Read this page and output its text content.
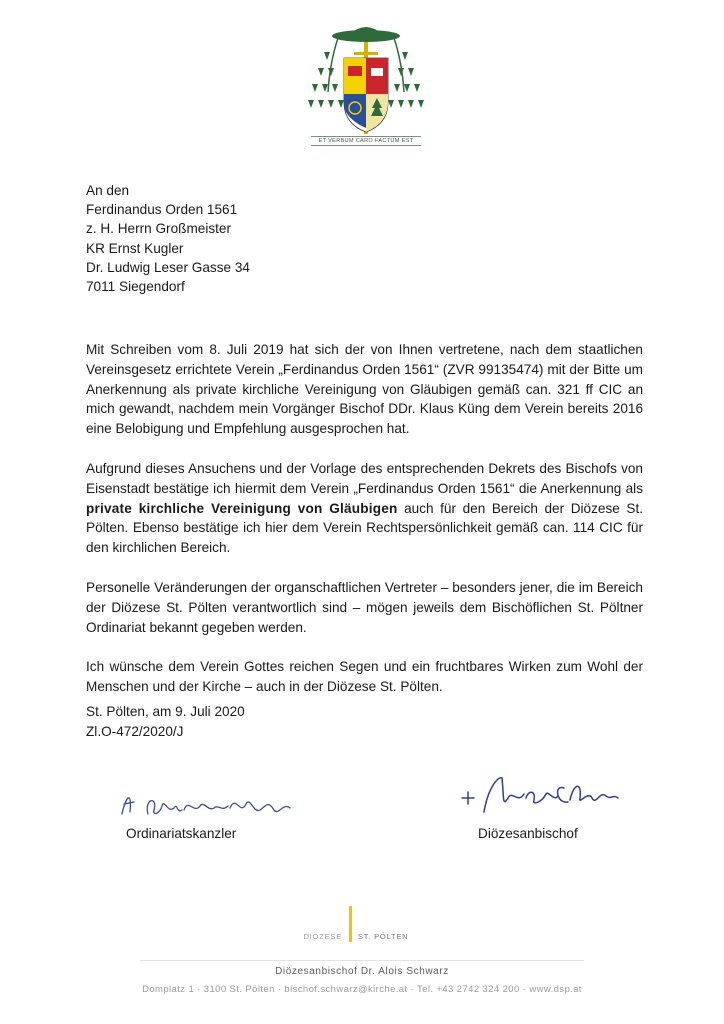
ET VERBUM CARO FACTUM EST
An den
Ferdinandus Orden 1561
z. H. Herrn Großmeister
KR Ernst Kugler
Dr. Ludwig Leser Gasse 34
7011 Siegendorf

Mit Schreiben vom 8. Juli 2019 hat sich der von Ihnen vertretene, nach dem staatlichen Vereinsgesetz errichtete Verein „Ferdinandus Orden 1561“ (ZVR 99135474) mit der Bitte um Anerkennung als private kirchliche Vereinigung von Gläubigen gemäß can. 321 ff CIC an mich gewandt, nachdem mein Vorgänger Bischof DDr. Klaus Küng dem Verein bereits 2016 eine Belobigung und Empfehlung ausgesprochen hat.

Aufgrund dieses Ansuchens und der Vorlage des entsprechenden Dekrets des Bischofs von Eisenstadt bestätige ich hiermit dem Verein „Ferdinandus Orden 1561“ die Anerkennung als private kirchliche Vereinigung von Gläubigen auch für den Bereich der Diözese St. Pölten. Ebenso bestätige ich hier dem Verein Rechtspersönlichkeit gemäß can. 114 CIC für den kirchlichen Bereich.

Personelle Veränderungen der organschaftlichen Vertreter – besonders jener, die im Bereich der Diözese St. Pölten verantwortlich sind – mögen jeweils dem Bischöflichen St. Pöltner Ordinariat bekannt gegeben werden.

Ich wünsche dem Verein Gottes reichen Segen und ein fruchtbares Wirken zum Wohl der Menschen und der Kirche – auch in der Diözese St. Pölten.

St. Pölten, am 9. Juli 2020
Zl.O-472/2020/J
Ordinariatskanzler	Diözesanbischof
DIÖZESE ST. PÖLTEN
Diözesanbischof Dr. Alois Schwarz
Domplatz 1 · 3100 St. Pölten · bischof.schwarz@kirche.at · Tel. +43 2742 324 200 · www.dsp.at
